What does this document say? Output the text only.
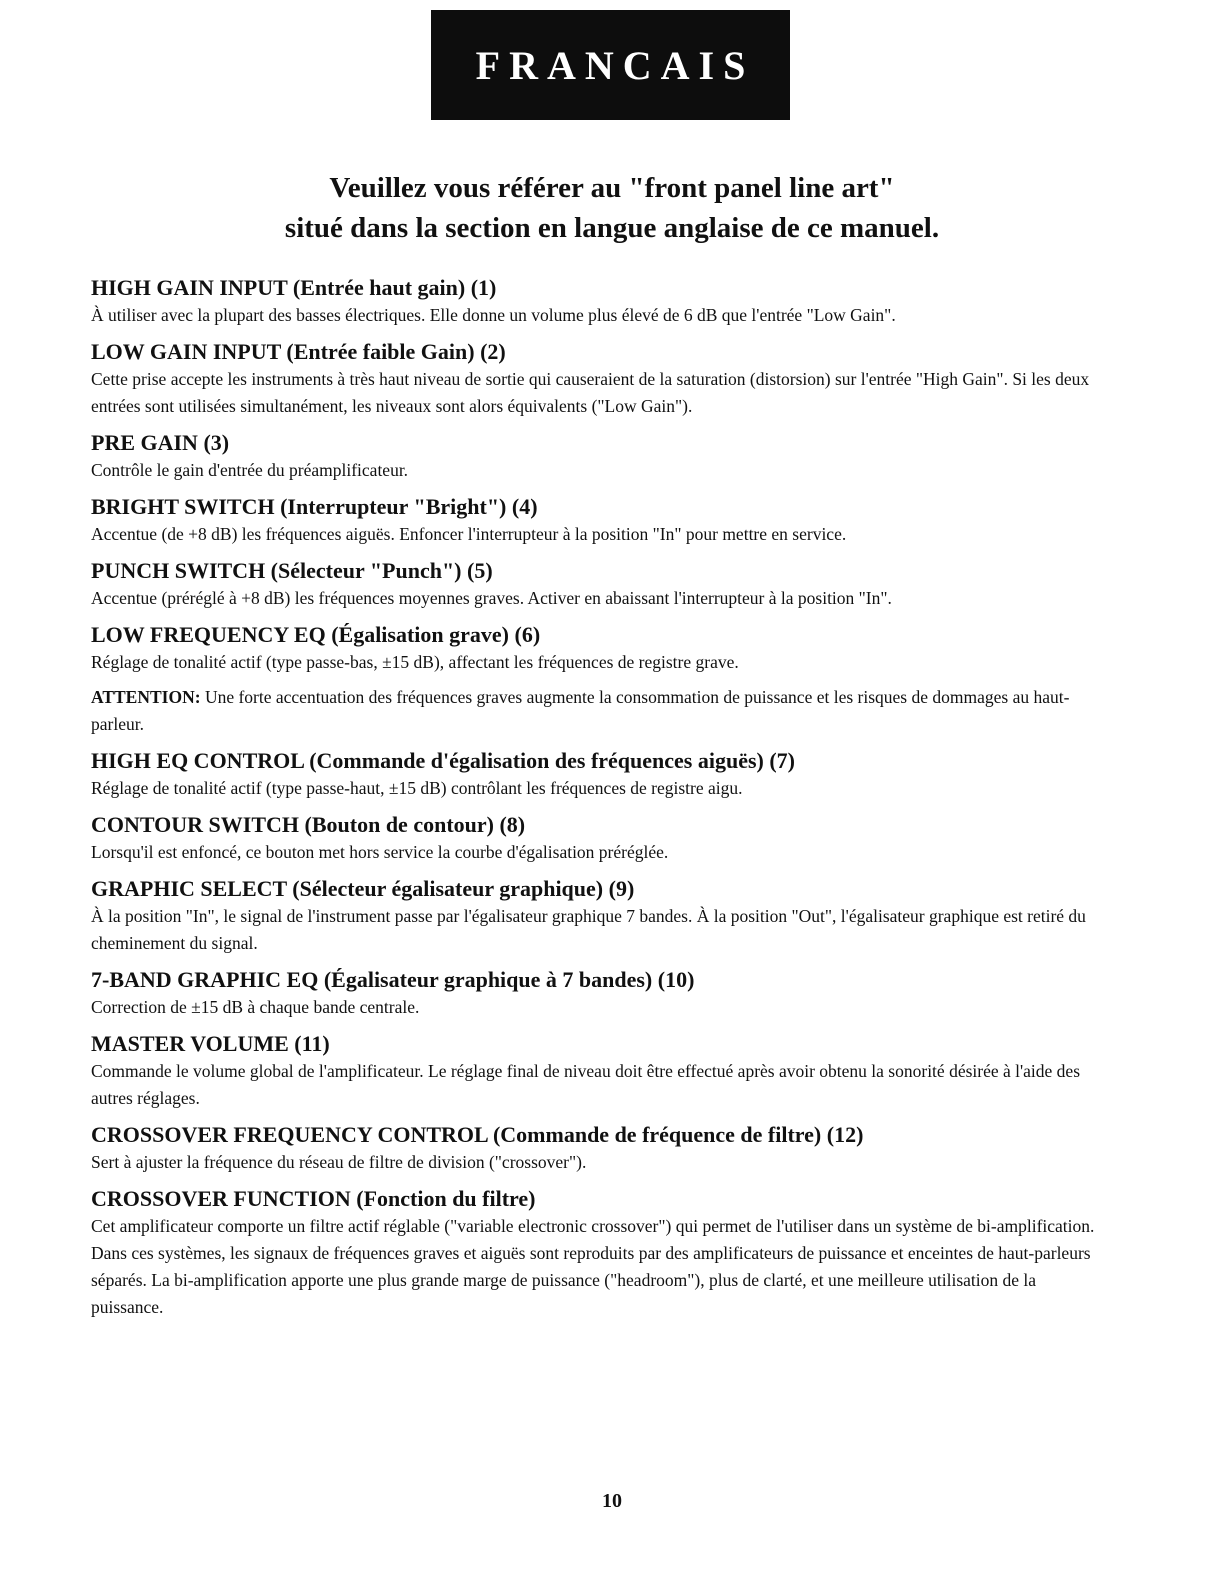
FRANCAIS
Veuillez vous référer au "front panel line art"
situé dans la section en langue anglaise de ce manuel.
HIGH GAIN INPUT (Entrée haut gain) (1)

À utiliser avec la plupart des basses électriques. Elle donne un volume plus élevé de 6 dB que l'entrée "Low Gain".

LOW GAIN INPUT (Entrée faible Gain) (2)

Cette prise accepte les instruments à très haut niveau de sortie qui causeraient de la saturation (distorsion) sur l'entrée "High Gain". Si les deux entrées sont utilisées simultanément, les niveaux sont alors équivalents ("Low Gain").

PRE GAIN (3)

Contrôle le gain d'entrée du préamplificateur.

BRIGHT SWITCH (Interrupteur "Bright") (4)

Accentue (de +8 dB) les fréquences aiguës. Enfoncer l'interrupteur à la position "In" pour mettre en service.

PUNCH SWITCH (Sélecteur "Punch") (5)

Accentue (préréglé à +8 dB) les fréquences moyennes graves. Activer en abaissant l'interrupteur à la position "In".

LOW FREQUENCY EQ (Égalisation grave) (6)

Réglage de tonalité actif (type passe-bas, ±15 dB), affectant les fréquences de registre grave.

ATTENTION: Une forte accentuation des fréquences graves augmente la consommation de puissance et les risques de dommages au haut-parleur.

HIGH EQ CONTROL (Commande d'égalisation des fréquences aiguës) (7)

Réglage de tonalité actif (type passe-haut, ±15 dB) contrôlant les fréquences de registre aigu.

CONTOUR SWITCH (Bouton de contour) (8)

Lorsqu'il est enfoncé, ce bouton met hors service la courbe d'égalisation préréglée.

GRAPHIC SELECT (Sélecteur égalisateur graphique) (9)

À la position "In", le signal de l'instrument passe par l'égalisateur graphique 7 bandes. À la position "Out", l'égalisateur graphique est retiré du cheminement du signal.

7-BAND GRAPHIC EQ (Égalisateur graphique à 7 bandes) (10)

Correction de ±15 dB à chaque bande centrale.

MASTER VOLUME (11)

Commande le volume global de l'amplificateur. Le réglage final de niveau doit être effectué après avoir obtenu la sonorité désirée à l'aide des autres réglages.

CROSSOVER FREQUENCY CONTROL (Commande de fréquence de filtre) (12)

Sert à ajuster la fréquence du réseau de filtre de division ("crossover").

CROSSOVER FUNCTION (Fonction du filtre)

Cet amplificateur comporte un filtre actif réglable ("variable electronic crossover") qui permet de l'utiliser dans un système de bi-amplification. Dans ces systèmes, les signaux de fréquences graves et aiguës sont reproduits par des amplificateurs de puissance et enceintes de haut-parleurs séparés. La bi-amplification apporte une plus grande marge de puissance ("headroom"), plus de clarté, et une meilleure utilisation de la puissance.

10
